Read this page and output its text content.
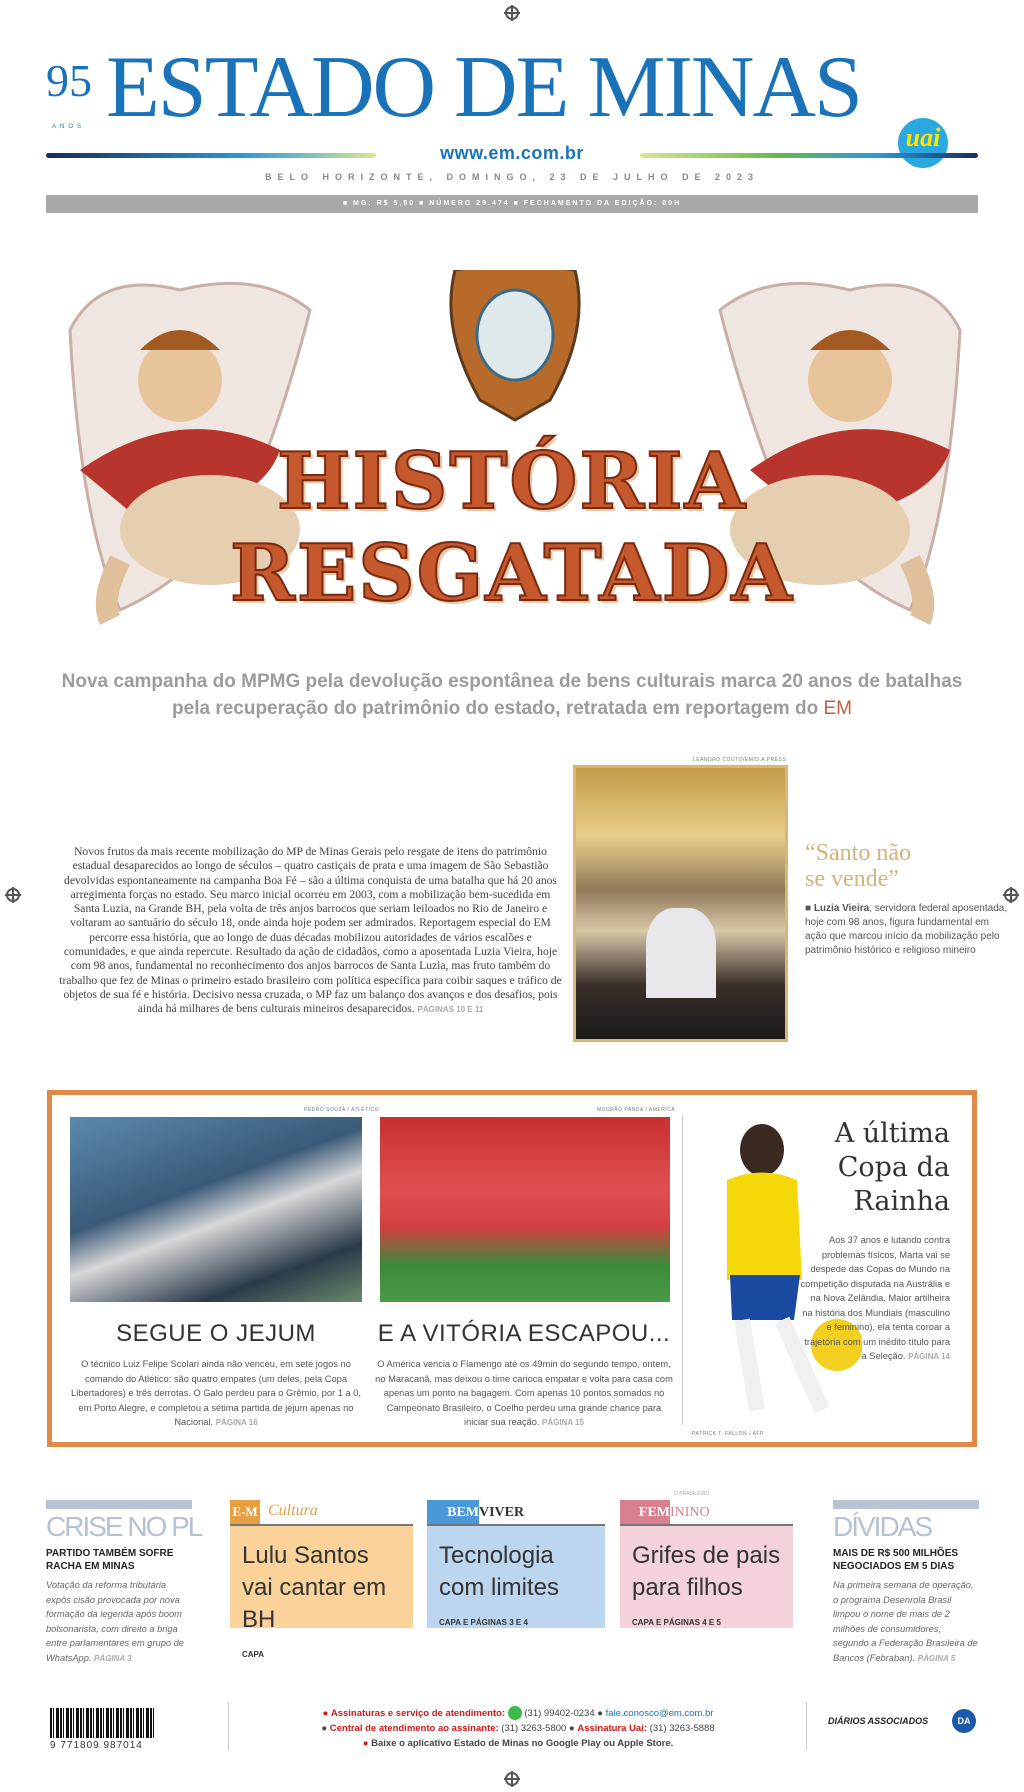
95
ANOS ESTADO DE MINAS
uai
www.em.com.br
BELO HORIZONTE, DOMINGO, 23 DE JULHO DE 2023
■ MG: R$ 5,50 ■ NÚMERO 29.474 ■ FECHAMENTO DA EDIÇÃO: 00H
HISTÓRIA
RESGATADA
Nova campanha do MPMG pela devolução espontânea de bens culturais marca 20 anos de batalhas pela recuperação do patrimônio do estado, retratada em reportagem do EM
Novos frutos da mais recente mobilização do MP de Minas Gerais pelo resgate de itens do patrimônio estadual desaparecidos ao longo de séculos – quatro castiçais de prata e uma imagem de São Sebastião devolvidas espontaneamente na campanha Boa Fé – são a última conquista de uma batalha que há 20 anos arregimenta forças no estado. Seu marco inicial ocorreu em 2003, com a mobilização bem-sucedida em Santa Luzia, na Grande BH, pela volta de três anjos barrocos que seriam leiloados no Rio de Janeiro e voltaram ao santuário do século 18, onde ainda hoje podem ser admirados. Reportagem especial do EM percorre essa história, que ao longo de duas décadas mobilizou autoridades de vários escalões e comunidades, e que ainda repercute. Resultado da ação de cidadãos, como a aposentada Luzia Vieira, hoje com 98 anos, fundamental no reconhecimento dos anjos barrocos de Santa Luzia, mas fruto também do trabalho que fez de Minas o primeiro estado brasileiro com política específica para coibir saques e tráfico de objetos de sua fé e história. Decisivo nessa cruzada, o MP faz um balanço dos avanços e dos desafios, pois ainda há milhares de bens culturais mineiros desaparecidos. PÁGINAS 10 E 11
LEANDRO COUTO/EM/D.A PRESS
“Santo não se vende”
■ Luzia Vieira, servidora federal aposentada, hoje com 98 anos, figura fundamental em ação que marcou início da mobilização pelo patrimônio histórico e religioso mineiro
PEDRO SOUZA / ATLÉTICO
SEGUE O JEJUM
O técnico Luiz Felipe Scolari ainda não venceu, em sete jogos no comando do Atlético: são quatro empates (um deles, pela Copa Libertadores) e três derrotas. O Galo perdeu para o Grêmio, por 1 a 0, em Porto Alegre, e completou a sétima partida de jejum apenas no Nacional. PÁGINA 16
MOURÃO PANDA / AMÉRICA
E A VITÓRIA ESCAPOU...
O América vencia o Flamengo até os 49min do segundo tempo, ontem, no Maracanã, mas deixou o time carioca empatar e volta para casa com apenas um ponto na bagagem. Com apenas 10 pontos somados no Campeonato Brasileiro, o Coelho perdeu uma grande chance para iniciar sua reação. PÁGINA 15
PATRICK T. FALLON / AFP
A última Copa da Rainha
Aos 37 anos e lutando contra problemas físicos, Marta vai se despede das Copas do Mundo na competição disputada na Austrália e na Nova Zelândia. Maior artilheira na história dos Mundiais (masculino e feminino), ela tenta coroar a trajetória com um inédito título para a Seleção. PÁGINA 14
CRISE NO PL
PARTIDO TAMBÉM SOFRE RACHA EM MINAS
Votação da reforma tributária expôs cisão provocada por nova formação da legenda após boom bolsonarista, com direito a briga entre parlamentares em grupo de WhatsApp. PÁGINA 3
E-M Cultura
Lulu Santos vai cantar em BH
CAPA
BEM VIVER
Tecnologia com limites
CAPA E PÁGINAS 3 E 4
FEM ININO
O BRASILEIRO
Grifes de pais para filhos
CAPA E PÁGINAS 4 E 5
DÍVIDAS
MAIS DE R$ 500 MILHÕES NEGOCIADOS EM 5 DIAS
Na primeira semana de operação, o programa Desenrola Brasil limpou o nome de mais de 2 milhões de consumidores, segundo a Federação Brasileira de Bancos (Febraban). PÁGINA 5
9 771809 987014
● Assinaturas e serviço de atendimento: (31) 99402-0234 ● fale.conosco@em.com.br
● Central de atendimento ao assinante: (31) 3263-5800 ● Assinatura Uai: (31) 3263-5888
● Baixe o aplicativo Estado de Minas no Google Play ou Apple Store.
DIÁRIOS ASSOCIADOS	DA
